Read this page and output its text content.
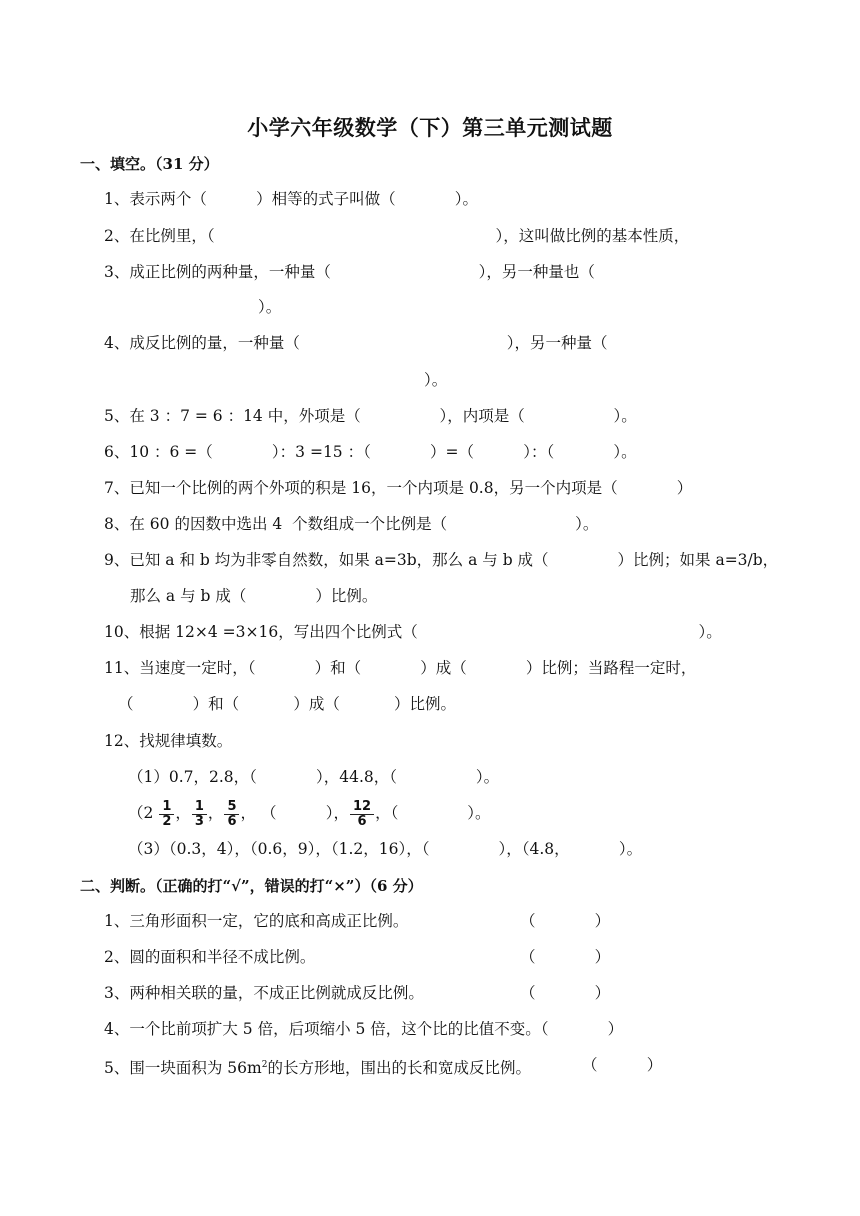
小学六年级数学（下）第三单元测试题
一、填空。（31 分）
1、表示两个（          ）相等的式子叫做（            ）。
2、在比例里，（                                                         ），这叫做比例的基本性质，
3、成正比例的两种量，一种量（                              ），另一种量也（
）。
4、成反比例的量，一种量（                                          ），另一种量（
）。
5、在 3 ：7 = 6 ：14 中，外项是（                ），内项是（                  ）。
6、10 ：6 =（            ）：3 =15 ：（            ）=（          ）：（            ）。
7、已知一个比例的两个外项的积是 16，一个内项是 0.8，另一个内项是（            ）
8、在 60 的因数中选出 4  个数组成一个比例是（                          ）。
9、已知 a 和 b 均为非零自然数，如果 a=3b，那么 a 与 b 成（              ）比例；如果 a=3/b，
那么 a 与 b 成（              ）比例。
10、根据 12×4 =3×16，写出四个比例式（                                                         ）。
11、当速度一定时，（            ）和（            ）成（            ）比例；当路程一定时，
（            ）和（           ）成（           ）比例。
12、找规律填数。
（1）0.7，2.8，（            ），44.8，（                ）。
（$2 \frac{1}{2}$ ， $\frac{1}{3}$ ， $\frac{5}{6}$ ， （          ）， $\frac{12}{6}$ ，（              ）。
（3）（0.3，4），（0.6，9），（1.2，16），（              ），（4.8，          ）。
二、判断。（正确的打“√”，错误的打“×”）（6 分）
1、三角形面积一定，它的底和高成正比例。	（            ）
2、圆的面积和半径不成比例。	（            ）
3、两种相关联的量，不成正比例就成反比例。	（            ）
4、一个比前项扩大 5 倍，后项缩小 5 倍，这个比的比值不变。（            ）
5、围一块面积为 $56m^2$的长方形地，围出的长和宽成反比例。	（          ）
